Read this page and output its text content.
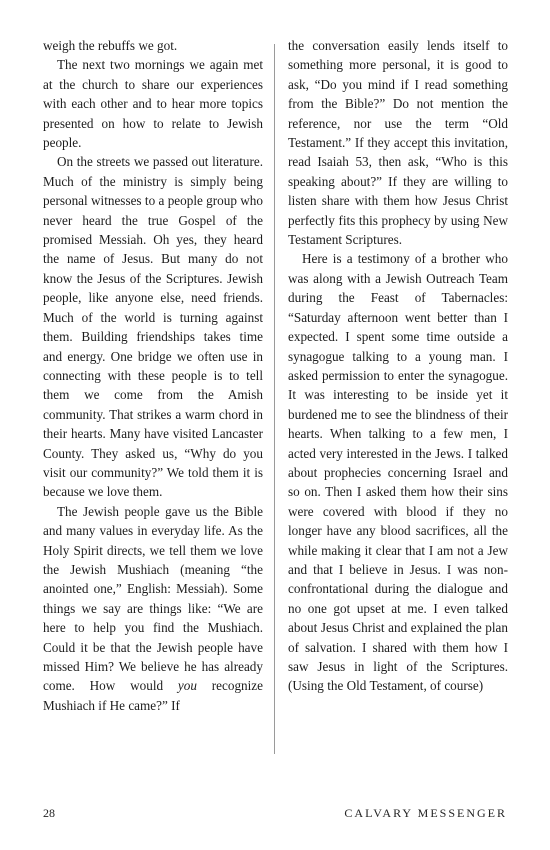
weigh the rebuffs we got.

The next two mornings we again met at the church to share our experiences with each other and to hear more topics presented on how to relate to Jewish people.

On the streets we passed out literature. Much of the ministry is simply being personal witnesses to a people group who never heard the true Gospel of the promised Messiah. Oh yes, they heard the name of Jesus. But many do not know the Jesus of the Scriptures. Jewish people, like anyone else, need friends. Much of the world is turning against them. Building friendships takes time and energy. One bridge we often use in connecting with these people is to tell them we come from the Amish community. That strikes a warm chord in their hearts. Many have visited Lancaster County. They asked us, “Why do you visit our community?” We told them it is because we love them.

The Jewish people gave us the Bible and many values in everyday life. As the Holy Spirit directs, we tell them we love the Jewish Mushiach (meaning “the anointed one,” English: Messiah). Some things we say are things like: “We are here to help you find the Mushiach. Could it be that the Jewish people have missed Him? We believe he has already come. How would you recognize Mushiach if He came?” If

the conversation easily lends itself to something more personal, it is good to ask, “Do you mind if I read something from the Bible?” Do not mention the reference, nor use the term “Old Testament.” If they accept this invitation, read Isaiah 53, then ask, “Who is this speaking about?” If they are willing to listen share with them how Jesus Christ perfectly fits this prophecy by using New Testament Scriptures.

Here is a testimony of a brother who was along with a Jewish Outreach Team during the Feast of Tabernacles: “Saturday afternoon went better than I expected. I spent some time outside a synagogue talking to a young man. I asked permission to enter the synagogue. It was interesting to be inside yet it burdened me to see the blindness of their hearts. When talking to a few men, I acted very interested in the Jews. I talked about prophecies concerning Israel and so on. Then I asked them how their sins were covered with blood if they no longer have any blood sacrifices, all the while making it clear that I am not a Jew and that I believe in Jesus. I was non-confrontational during the dialogue and no one got upset at me. I even talked about Jesus Christ and explained the plan of salvation. I shared with them how I saw Jesus in light of the Scriptures. (Using the Old Testament, of course)

28	CALVARY MESSENGER
